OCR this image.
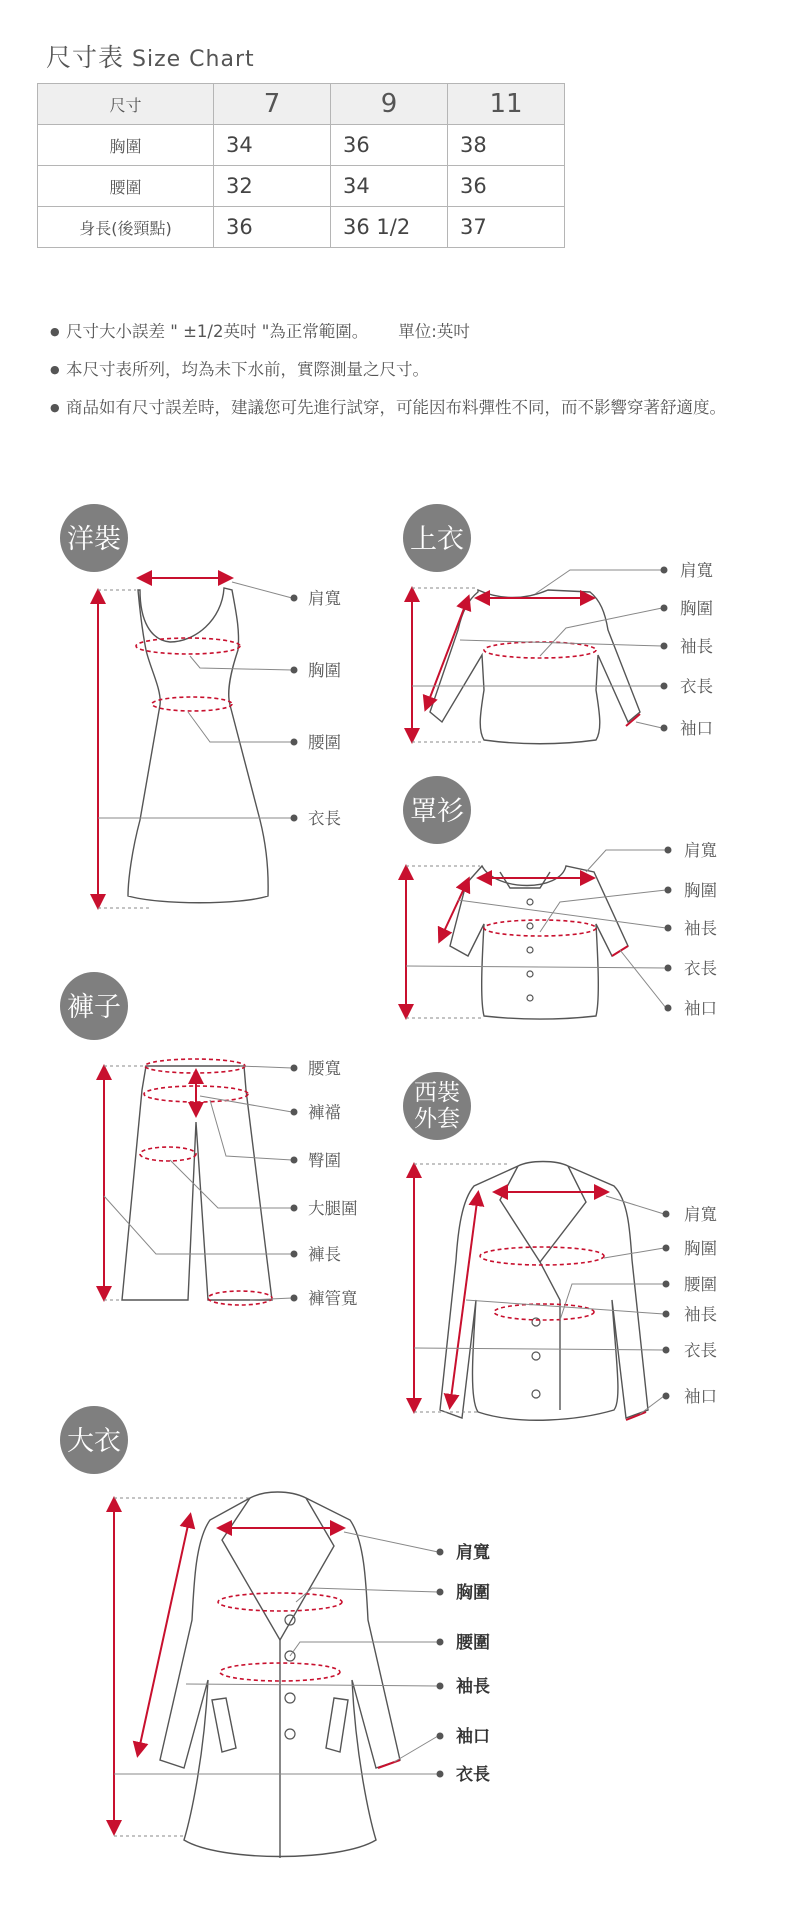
尺寸表 Size Chart
尺寸	7	9	11
胸圍	34	36	38
腰圍	32	34	36
身長(後頸點)	36	36 1/2	37
● 尺寸大小誤差 " ±1/2英吋 "為正常範圍。 單位:英吋
● 本尺寸表所列，均為未下水前，實際測量之尺寸。
● 商品如有尺寸誤差時，建議您可先進行試穿，可能因布料彈性不同，而不影響穿著舒適度。
洋裝
肩寬
胸圍
腰圍
衣長
上衣
肩寬
胸圍
袖長
衣長
袖口
罩衫
肩寬
胸圍
袖長
衣長
袖口
褲子
腰寬
褲襠
臀圍
大腿圍
褲長
褲管寬
西裝
外套
肩寬
胸圍
腰圍
袖長
衣長
袖口
大衣
肩寬
胸圍
腰圍
袖長
袖口
衣長
